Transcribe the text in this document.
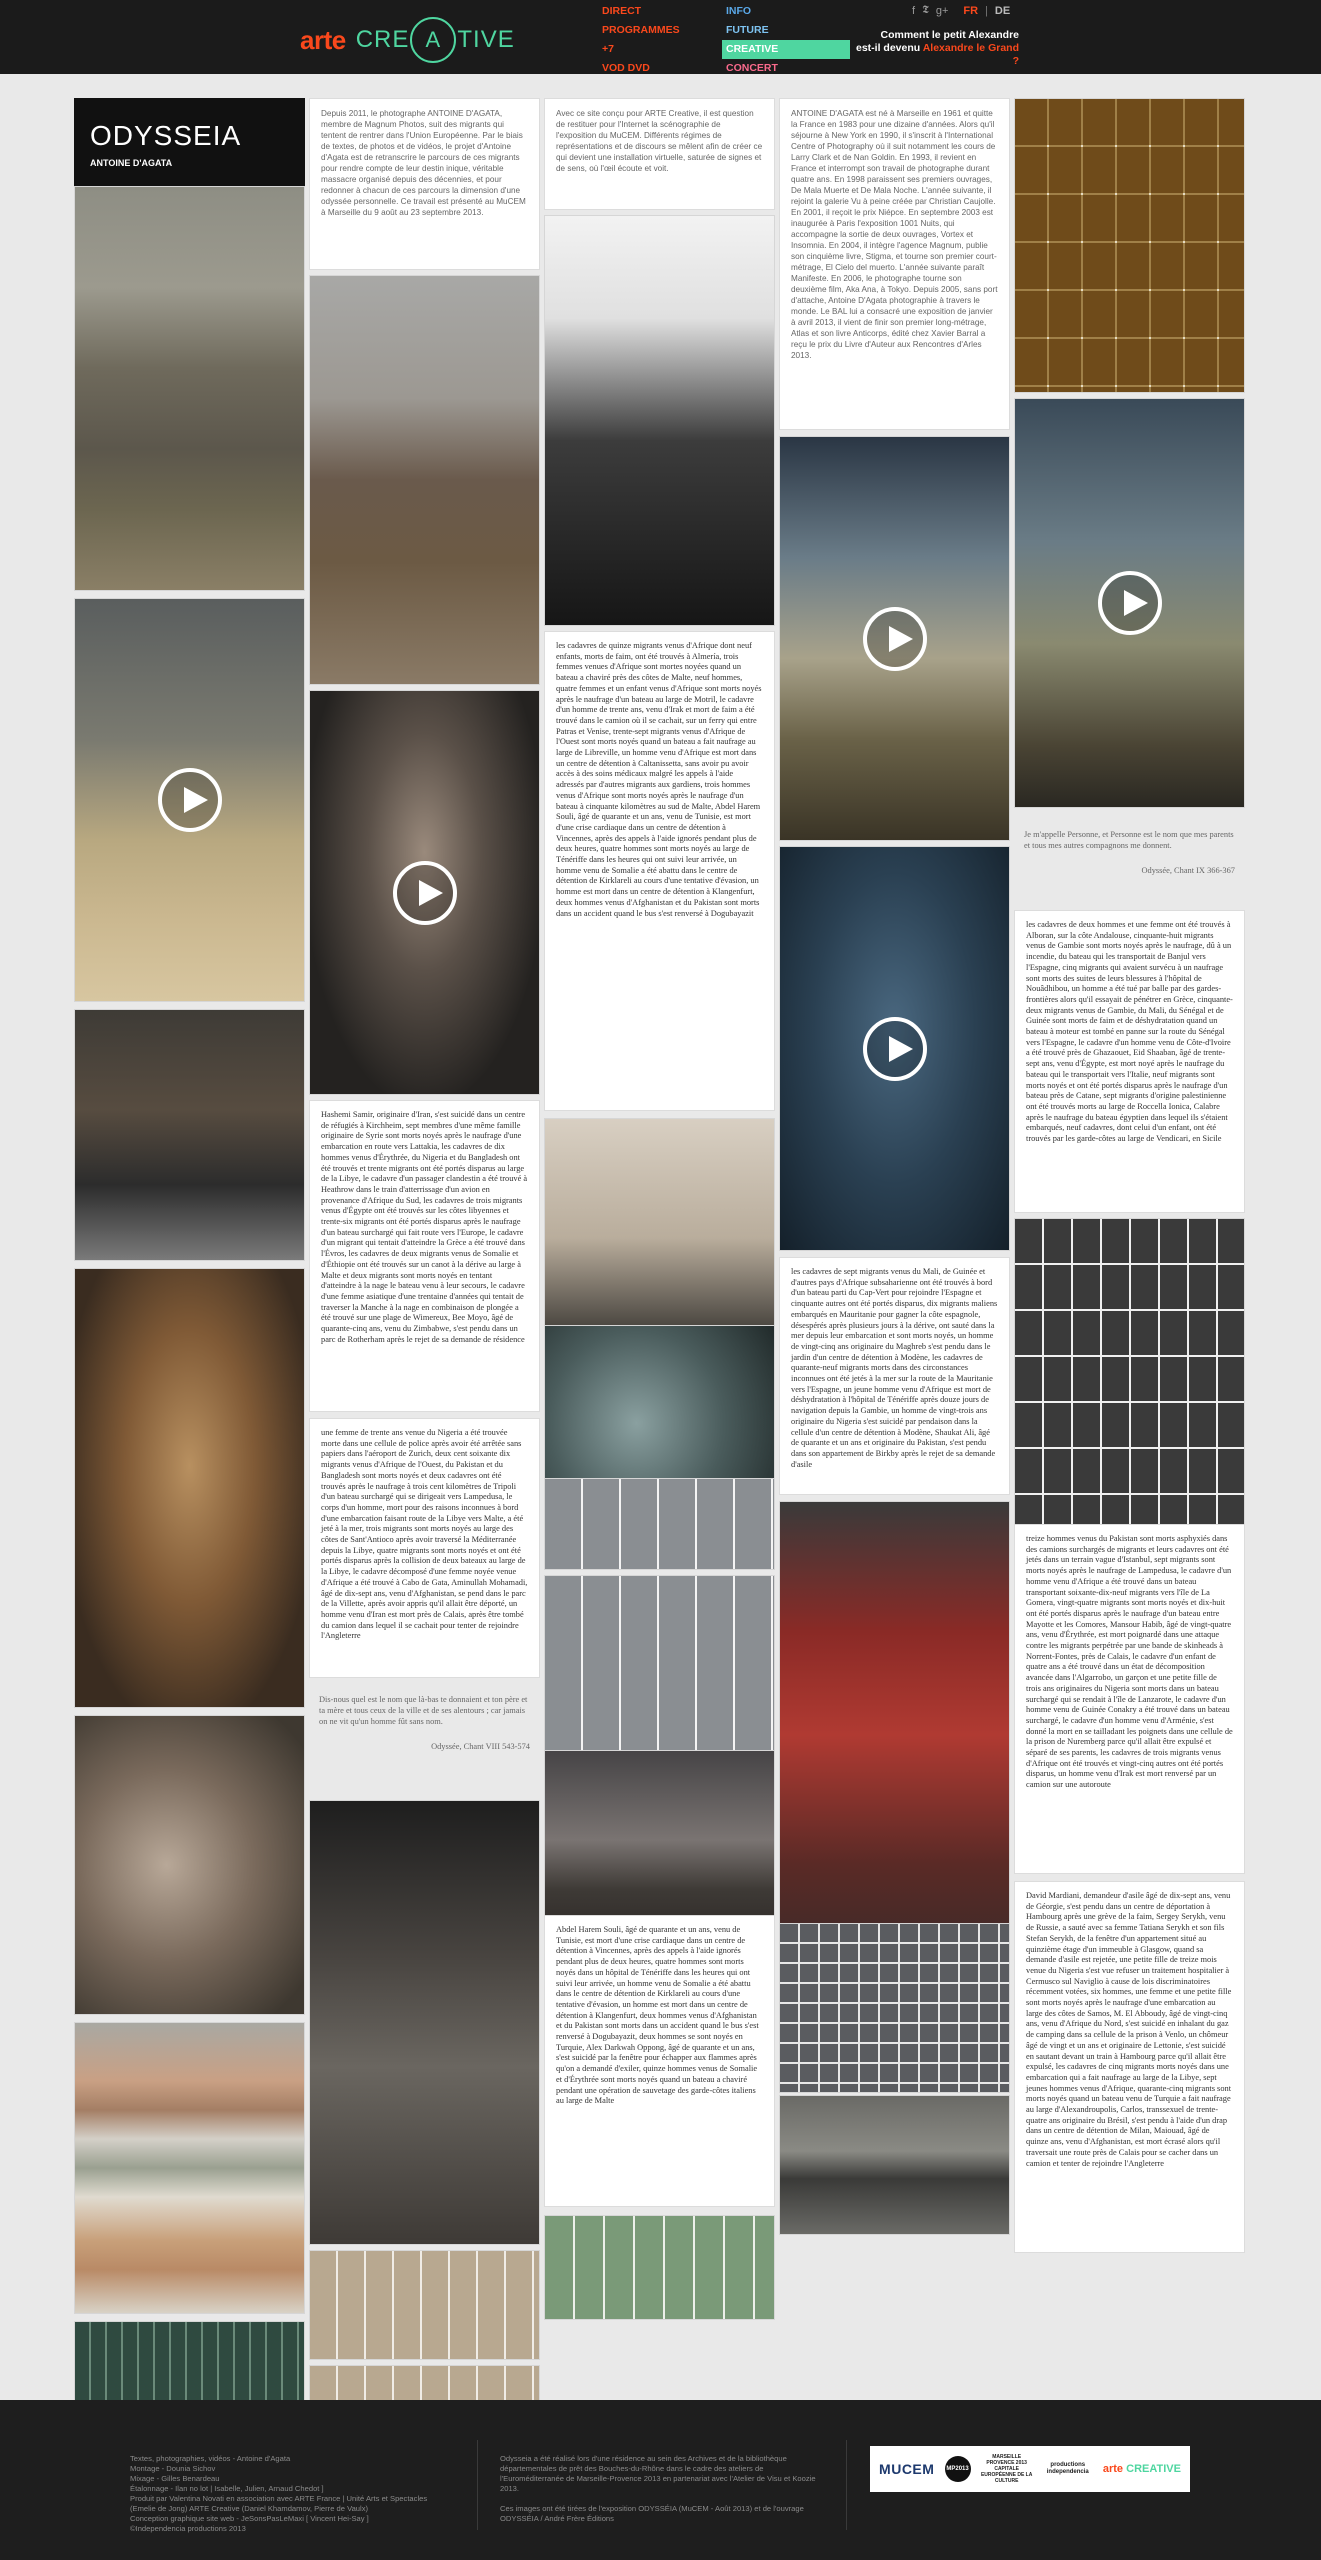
arte CRE
A TIVE
DIRECT
PROGRAMMES
+7
VOD DVD
INFO
FUTURE
CREATIVE
CONCERT
f 𝕿 g+ FR | DE
Comment le petit Alexandre
est-il devenu Alexandre le Grand
?
ODYSSEIA
ANTOINE D'AGATA
Depuis 2011, le photographe ANTOINE D'AGATA, membre de Magnum Photos, suit des migrants qui tentent de rentrer dans l'Union Européenne. Par le biais de textes, de photos et de vidéos, le projet d'Antoine d'Agata est de retranscrire le parcours de ces migrants pour rendre compte de leur destin inique, véritable massacre organisé depuis des décennies, et pour redonner à chacun de ces parcours la dimension d'une odyssée personnelle. Ce travail est présenté au MuCEM à Marseille du 9 août au 23 septembre 2013.
Hashemi Samir, originaire d'Iran, s'est suicidé dans un centre de réfugiés à Kirchheim, sept membres d'une même famille originaire de Syrie sont morts noyés après le naufrage d'une embarcation en route vers Lattakia, les cadavres de dix hommes venus d'Érythrée, du Nigeria et du Bangladesh ont été trouvés et trente migrants ont été portés disparus au large de la Libye, le cadavre d'un passager clandestin a été trouvé à Heathrow dans le train d'atterrissage d'un avion en provenance d'Afrique du Sud, les cadavres de trois migrants venus d'Égypte ont été trouvés sur les côtes libyennes et trente-six migrants ont été portés disparus après le naufrage d'un bateau surchargé qui fait route vers l'Europe, le cadavre d'un migrant qui tentait d'atteindre la Grèce a été trouvé dans l'Évros, les cadavres de deux migrants venus de Somalie et d'Éthiopie ont été trouvés sur un canot à la dérive au large à Malte et deux migrants sont morts noyés en tentant d'atteindre à la nage le bateau venu à leur secours, le cadavre d'une femme asiatique d'une trentaine d'années qui tentait de traverser la Manche à la nage en combinaison de plongée a été trouvé sur une plage de Wimereux, Bee Moyo, âgé de quarante-cinq ans, venu du Zimbabwe, s'est pendu dans un parc de Rotherham après le rejet de sa demande de résidence
une femme de trente ans venue du Nigeria a été trouvée morte dans une cellule de police après avoir été arrêtée sans papiers dans l'aéroport de Zurich, deux cent soixante dix migrants venus d'Afrique de l'Ouest, du Pakistan et du Bangladesh sont morts noyés et deux cadavres ont été trouvés après le naufrage à trois cent kilomètres de Tripoli d'un bateau surchargé qui se dirigeait vers Lampedusa, le corps d'un homme, mort pour des raisons inconnues à bord d'une embarcation faisant route de la Libye vers Malte, a été jeté à la mer, trois migrants sont morts noyés au large des côtes de Sant'Antioco après avoir traversé la Méditerranée depuis la Libye, quatre migrants sont morts noyés et ont été portés disparus après la collision de deux bateaux au large de la Libye, le cadavre décomposé d'une femme noyée venue d'Afrique a été trouvé à Cabo de Gata, Aminullah Mohamadi, âgé de dix-sept ans, venu d'Afghanistan, se pend dans le parc de la Villette, après avoir appris qu'il allait être déporté, un homme venu d'Iran est mort près de Calais, après être tombé du camion dans lequel il se cachait pour tenter de rejoindre l'Angleterre
Dis-nous quel est le nom que là-bas te donnaient et ton père et ta mère et tous ceux de la ville et de ses alentours ; car jamais on ne vit qu'un homme fût sans nom.
Odyssée, Chant VIII 543-574
Avec ce site conçu pour ARTE Creative, il est question de restituer pour l'Internet la scénographie de l'exposition du MuCEM. Différents régimes de représentations et de discours se mêlent afin de créer ce qui devient une installation virtuelle, saturée de signes et de sens, où l'œil écoute et voit.
les cadavres de quinze migrants venus d'Afrique dont neuf enfants, morts de faim, ont été trouvés à Almería, trois femmes venues d'Afrique sont mortes noyées quand un bateau a chaviré près des côtes de Malte, neuf hommes, quatre femmes et un enfant venus d'Afrique sont morts noyés après le naufrage d'un bateau au large de Motril, le cadavre d'un homme de trente ans, venu d'Irak et mort de faim a été trouvé dans le camion où il se cachait, sur un ferry qui entre Patras et Venise, trente-sept migrants venus d'Afrique de l'Ouest sont morts noyés quand un bateau a fait naufrage au large de Libreville, un homme venu d'Afrique est mort dans un centre de détention à Caltanissetta, sans avoir pu avoir accès à des soins médicaux malgré les appels à l'aide adressés par d'autres migrants aux gardiens, trois hommes venus d'Afrique sont morts noyés après le naufrage d'un bateau à cinquante kilomètres au sud de Malte, Abdel Harem Souli, âgé de quarante et un ans, venu de Tunisie, est mort d'une crise cardiaque dans un centre de détention à Vincennes, après des appels à l'aide ignorés pendant plus de deux heures, quatre hommes sont morts noyés au large de Ténériffe dans les heures qui ont suivi leur arrivée, un homme venu de Somalie a été abattu dans le centre de détention de Kirklareli au cours d'une tentative d'évasion, un homme est mort dans un centre de détention à Klangenfurt, deux hommes venus d'Afghanistan et du Pakistan sont morts dans un accident quand le bus s'est renversé à Dogubayazit
Abdel Harem Souli, âgé de quarante et un ans, venu de Tunisie, est mort d'une crise cardiaque dans un centre de détention à Vincennes, après des appels à l'aide ignorés pendant plus de deux heures, quatre hommes sont morts noyés dans un hôpital de Ténériffe dans les heures qui ont suivi leur arrivée, un homme venu de Somalie a été abattu dans le centre de détention de Kirklareli au cours d'une tentative d'évasion, un homme est mort dans un centre de détention à Klangenfurt, deux hommes venus d'Afghanistan et du Pakistan sont morts dans un accident quand le bus s'est renversé à Dogubayazit, deux hommes se sont noyés en Turquie, Alex Darkwah Oppong, âgé de quarante et un ans, s'est suicidé par la fenêtre pour échapper aux flammes après qu'on a demandé d'exiler, quinze hommes venus de Somalie et d'Érythrée sont morts noyés quand un bateau a chaviré pendant une opération de sauvetage des garde-côtes italiens au large de Malte
ANTOINE D'AGATA est né à Marseille en 1961 et quitte la France en 1983 pour une dizaine d'années. Alors qu'il séjourne à New York en 1990, il s'inscrit à l'International Centre of Photography où il suit notamment les cours de Larry Clark et de Nan Goldin. En 1993, il revient en France et interrompt son travail de photographe durant quatre ans. En 1998 paraissent ses premiers ouvrages, De Mala Muerte et De Mala Noche. L'année suivante, il rejoint la galerie Vu à peine créée par Christian Caujolle. En 2001, il reçoit le prix Niépce. En septembre 2003 est inaugurée à Paris l'exposition 1001 Nuits, qui accompagne la sortie de deux ouvrages, Vortex et Insomnia. En 2004, il intègre l'agence Magnum, publie son cinquième livre, Stigma, et tourne son premier court-métrage, El Cielo del muerto. L'année suivante paraît Manifeste. En 2006, le photographe tourne son deuxième film, Aka Ana, à Tokyo. Depuis 2005, sans port d'attache, Antoine D'Agata photographie à travers le monde. Le BAL lui a consacré une exposition de janvier à avril 2013, il vient de finir son premier long-métrage, Atlas et son livre Anticorps, édité chez Xavier Barral a reçu le prix du Livre d'Auteur aux Rencontres d'Arles 2013.
les cadavres de sept migrants venus du Mali, de Guinée et d'autres pays d'Afrique subsaharienne ont été trouvés à bord d'un bateau parti du Cap-Vert pour rejoindre l'Espagne et cinquante autres ont été portés disparus, dix migrants maliens embarqués en Mauritanie pour gagner la côte espagnole, désespérés après plusieurs jours à la dérive, ont sauté dans la mer depuis leur embarcation et sont morts noyés, un homme de vingt-cinq ans originaire du Maghreb s'est pendu dans le jardin d'un centre de détention à Modène, les cadavres de quarante-neuf migrants morts dans des circonstances inconnues ont été jetés à la mer sur la route de la Mauritanie vers l'Espagne, un jeune homme venu d'Afrique est mort de déshydratation à l'hôpital de Ténériffe après douze jours de navigation depuis la Gambie, un homme de vingt-trois ans originaire du Nigeria s'est suicidé par pendaison dans la cellule d'un centre de détention à Modène, Shaukat Ali, âgé de quarante et un ans et originaire du Pakistan, s'est pendu dans son appartement de Birkby après le rejet de sa demande d'asile
Je m'appelle Personne, et Personne est le nom que mes parents et tous mes autres compagnons me donnent.
Odyssée, Chant IX 366-367
les cadavres de deux hommes et une femme ont été trouvés à Alboran, sur la côte Andalouse, cinquante-huit migrants venus de Gambie sont morts noyés après le naufrage, dû à un incendie, du bateau qui les transportait de Banjul vers l'Espagne, cinq migrants qui avaient survécu à un naufrage sont morts des suites de leurs blessures à l'hôpital de Nouâdhibou, un homme a été tué par balle par des gardes-frontières alors qu'il essayait de pénétrer en Grèce, cinquante-deux migrants venus de Gambie, du Mali, du Sénégal et de Guinée sont morts de faim et de déshydratation quand un bateau à moteur est tombé en panne sur la route du Sénégal vers l'Espagne, le cadavre d'un homme venu de Côte-d'Ivoire a été trouvé près de Ghazaouet, Eid Shaaban, âgé de trente-sept ans, venu d'Égypte, est mort noyé après le naufrage du bateau qui le transportait vers l'Italie, neuf migrants sont morts noyés et ont été portés disparus après le naufrage d'un bateau près de Catane, sept migrants d'origine palestinienne ont été trouvés morts au large de Roccella Ionica, Calabre après le naufrage du bateau égyptien dans lequel ils s'étaient embarqués, neuf cadavres, dont celui d'un enfant, ont été trouvés par les garde-côtes au large de Vendicari, en Sicile
treize hommes venus du Pakistan sont morts asphyxiés dans des camions surchargés de migrants et leurs cadavres ont été jetés dans un terrain vague d'Istanbul, sept migrants sont morts noyés après le naufrage de Lampedusa, le cadavre d'un homme venu d'Afrique a été trouvé dans un bateau transportant soixante-dix-neuf migrants vers l'île de La Gomera, vingt-quatre migrants sont morts noyés et dix-huit ont été portés disparus après le naufrage d'un bateau entre Mayotte et les Comores, Mansour Habib, âgé de vingt-quatre ans, venu d'Érythrée, est mort poignardé dans une attaque contre les migrants perpétrée par une bande de skinheads à Norrent-Fontes, près de Calais, le cadavre d'un enfant de quatre ans a été trouvé dans un état de décomposition avancée dans l'Algarrobo, un garçon et une petite fille de trois ans originaires du Nigeria sont morts dans un bateau surchargé qui se rendait à l'île de Lanzarote, le cadavre d'un homme venu de Guinée Conakry a été trouvé dans un bateau surchargé, le cadavre d'un homme venu d'Arménie, s'est donné la mort en se tailladant les poignets dans une cellule de la prison de Nuremberg parce qu'il allait être expulsé et séparé de ses parents, les cadavres de trois migrants venus d'Afrique ont été trouvés et vingt-cinq autres ont été portés disparus, un homme venu d'Irak est mort renversé par un camion sur une autoroute
David Mardiani, demandeur d'asile âgé de dix-sept ans, venu de Géorgie, s'est pendu dans un centre de déportation à Hambourg après une grève de la faim, Sergey Serykh, venu de Russie, a sauté avec sa femme Tatiana Serykh et son fils Stefan Serykh, de la fenêtre d'un appartement situé au quinzième étage d'un immeuble à Glasgow, quand sa demande d'asile est rejetée, une petite fille de treize mois venue du Nigeria s'est vue refuser un traitement hospitalier à Cermusco sul Naviglio à cause de lois discriminatoires récemment votées, six hommes, une femme et une petite fille sont morts noyés après le naufrage d'une embarcation au large des côtes de Samos, M. El Abboudy, âgé de vingt-cinq ans, venu d'Afrique du Nord, s'est suicidé en inhalant du gaz de camping dans sa cellule de la prison à Venlo, un chômeur âgé de vingt et un ans et originaire de Lettonie, s'est suicidé en sautant devant un train à Hambourg parce qu'il allait être expulsé, les cadavres de cinq migrants morts noyés dans une embarcation qui a fait naufrage au large de la Libye, sept jeunes hommes venus d'Afrique, quarante-cinq migrants sont morts noyés quand un bateau venu de Turquie a fait naufrage au large d'Alexandroupolis, Carlos, transsexuel de trente-quatre ans originaire du Brésil, s'est pendu à l'aide d'un drap dans un centre de détention de Milan, Maiouad, âgé de quinze ans, venu d'Afghanistan, est mort écrasé alors qu'il traversait une route près de Calais pour se cacher dans un camion et tenter de rejoindre l'Angleterre
Textes, photographies, vidéos - Antoine d'Agata
Montage - Dounia Sichov
Mixage - Gilles Benardeau
Étalonnage - Ilan no lot | Isabelle, Julien, Arnaud Chedot ]
Produit par Valentina Novati en association avec ARTE France | Unité Arts et Spectacles
(Emelie de Jong) ARTE Creative (Daniel Khamdamov, Pierre de Vaulx)
Conception graphique site web - JeSonsPasLeMaxi [ Vincent Hei-Say ]
©Independencia productions 2013

Odysseia a été réalisé lors d'une résidence au sein des Archives et de la bibliothèque départementales de prêt des Bouches-du-Rhône dans le cadre des ateliers de l'Euroméditerranée de Marseille-Provence 2013 en partenariat avec l'Atelier de Visu et Koozie 2013.

Ces images ont été tirées de l'exposition ODYSSÉIA (MuCEM - Août 2013) et de l'ouvrage ODYSSÉIA / André Frère Éditions

MUCEM	MP2013
MARSEILLE PROVENCE 2013 CAPITALE EUROPÉENNE DE LA CULTURE
productions independencia	arte CREATIVE
